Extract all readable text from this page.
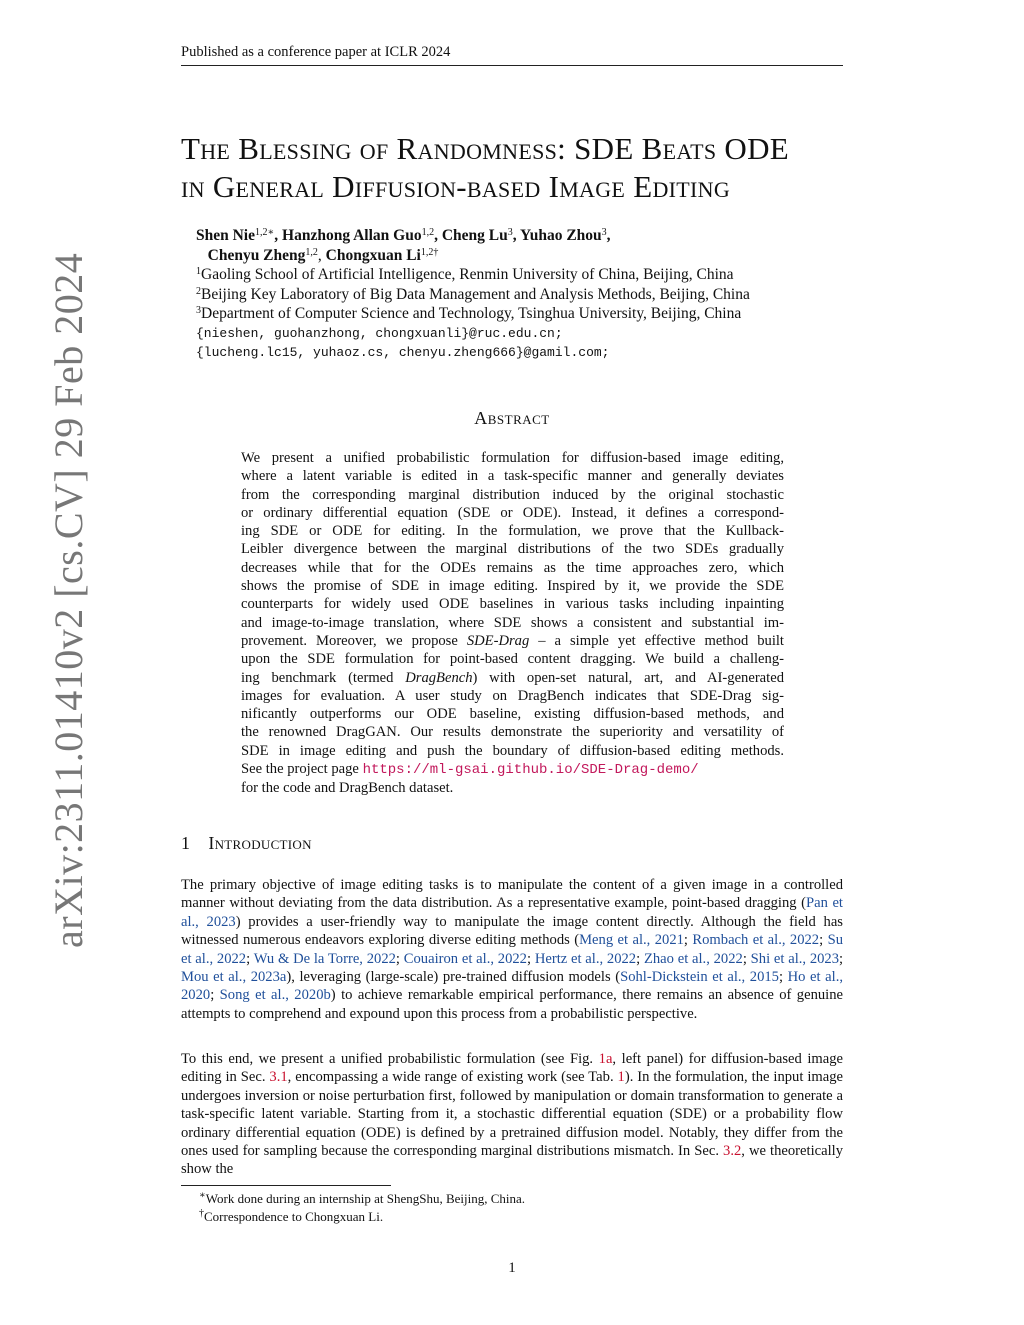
Published as a conference paper at ICLR 2024
arXiv:2311.01410v2 [cs.CV] 29 Feb 2024
The Blessing of Randomness: SDE Beats ODE
in General Diffusion-based Image Editing
Shen Nie$^{1,2∗}$, Hanzhong Allan Guo$^{1,2}$, Cheng Lu$^3$, Yuhao Zhou$^3$,
Chenyu Zheng$^{1,2}$, Chongxuan $Li^{1,2\dagger}$
$^1$Gaoling School of Artificial Intelligence, Renmin University of China, Beijing, China
$^2$Beijing Key Laboratory of Big Data Management and Analysis Methods, Beijing, China
$^3$Department of Computer Science and Technology, Tsinghua University, Beijing, China
{nieshen, guohanzhong, chongxuanli}@ruc.edu.cn;
{lucheng.lc15, yuhaoz.cs, chenyu.zheng666}@gamil.com;
Abstract
We present a unified probabilistic formulation for diffusion-based image editing,
where a latent variable is edited in a task-specific manner and generally deviates
from the corresponding marginal distribution induced by the original stochastic
or ordinary differential equation (SDE or ODE). Instead, it defines a correspond-
ing SDE or ODE for editing. In the formulation, we prove that the Kullback-
Leibler divergence between the marginal distributions of the two SDEs gradually
decreases while that for the ODEs remains as the time approaches zero, which
shows the promise of SDE in image editing. Inspired by it, we provide the SDE
counterparts for widely used ODE baselines in various tasks including inpainting
and image-to-image translation, where SDE shows a consistent and substantial im-
provement. Moreover, we propose SDE-Drag – a simple yet effective method built
upon the SDE formulation for point-based content dragging. We build a challeng-
ing benchmark (termed DragBench) with open-set natural, art, and AI-generated
images for evaluation. A user study on DragBench indicates that SDE-Drag sig-
nificantly outperforms our ODE baseline, existing diffusion-based methods, and
the renowned DragGAN. Our results demonstrate the superiority and versatility of
SDE in image editing and push the boundary of diffusion-based editing methods.
See the project page https://ml-gsai.github.io/SDE-Drag-demo/
for the code and DragBench dataset.
1 Introduction
The primary objective of image editing tasks is to manipulate the content of a given image in a controlled manner without deviating from the data distribution. As a representative example, point-based dragging (Pan et al., 2023) provides a user-friendly way to manipulate the image content directly. Although the field has witnessed numerous endeavors exploring diverse editing methods (Meng et al., 2021; Rombach et al., 2022; Su et al., 2022; Wu & De la Torre, 2022; Couairon et al., 2022; Hertz et al., 2022; Zhao et al., 2022; Shi et al., 2023; Mou et al., 2023a), leveraging (large-scale) pre-trained diffusion models (Sohl-Dickstein et al., 2015; Ho et al., 2020; Song et al., 2020b) to achieve remarkable empirical performance, there remains an absence of genuine attempts to comprehend and expound upon this process from a probabilistic perspective.
To this end, we present a unified probabilistic formulation (see Fig. 1a, left panel) for diffusion-based image editing in Sec. 3.1, encompassing a wide range of existing work (see Tab. 1). In the formulation, the input image undergoes inversion or noise perturbation first, followed by manipulation or domain transformation to generate a task-specific latent variable. Starting from it, a stochastic differential equation (SDE) or a probability flow ordinary differential equation (ODE) is defined by a pretrained diffusion model. Notably, they differ from the ones used for sampling because the corresponding marginal distributions mismatch. In Sec. 3.2, we theoretically show the
∗Work done during an internship at ShengShu, Beijing, China.
†Correspondence to Chongxuan Li.
1
